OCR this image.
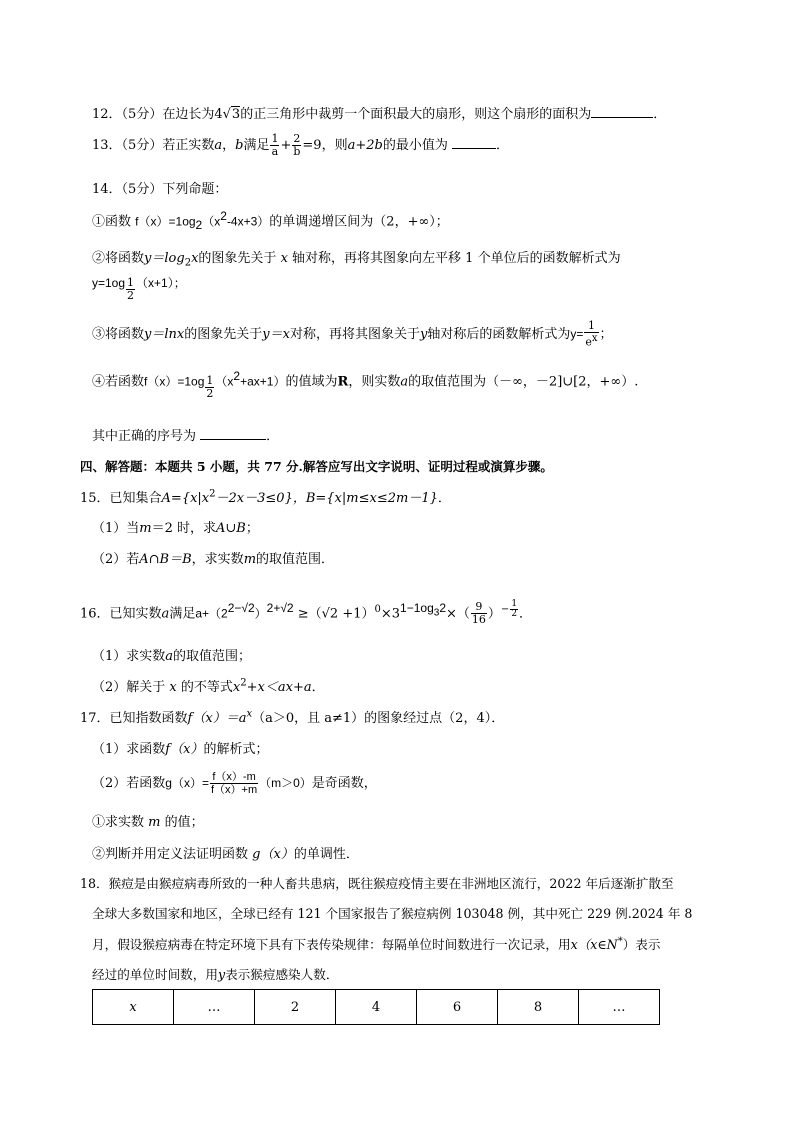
12．（5分）在边长为4√3的正三角形中裁剪一个面积最大的扇形，则这个扇形的面积为	．
13．（5分）若正实数a，b满足 $\frac{1}{a} + \frac{2}{b} =9$，则a+2b的最小值为	．
14．（5分）下列命题：
①函数 $f(x)=1og_2(x^2-4x+3)$的单调递增区间为（2，+∞）；
②将函数$y=\log_2x$的图象先关于 x 轴对称，再将其图象向左平移 1 个单位后的函数解析式为
$y=1og \frac{1}{2} (x+1)$；
③将函数y＝lnx的图象先关于y＝x对称，再将其图象关于y轴对称后的函数解析式为$y= \frac{1}{e^x}$ ；
④若函数$f(x)=1og \frac{1}{2} (x^2+ax+1)$的值域为R，则实数a的取值范围为（－∞，－2]∪[2，+∞）.
其中正确的序号为	．
四、解答题：本题共 5 小题，共 77 分.解答应写出文字说明、证明过程或演算步骤。
15．已知集合$A=\{x|x^2-2x-3\le 0\}$，B={x|m≤x≤2m－1}．
（1）当m＝2 时，求A∪B；
（2）若A∩B＝B，求实数m的取值范围．
16．已知实数a满足$a+(2^{2-√2})^{2+√2} \ge(√2 +1)^0\times 3^{1-1og_32}\times( \frac{9}{16} )^{- \frac{1}{2}}$ ．
（1）求实数a的取值范围；
（2）解关于 x 的不等式$x^2+x<ax+a$．
17．已知指数函数$f(x)=a^x(a>0$，且 a≠1）的图象经过点（2，4）．
（1）求函数f（x）的解析式；
（2）若函数$g(x)= \frac{f(x)-m}{f(x)+m} (m>0)$是奇函数，
①求实数 m 的值；
②判断并用定义法证明函数 g（x）的单调性．
18．猴痘是由猴痘病毒所致的一种人畜共患病，既往猴痘疫情主要在非洲地区流行，2022 年后逐渐扩散至
全球大多数国家和地区，全球已经有 121 个国家报告了猴痘病例 103048 例，其中死亡 229 例.2024 年 8
月，假设猴痘病毒在特定环境下具有下表传染规律：每隔单位时间数进行一次记录，用x（x∈N*）表示
经过的单位时间数，用y表示猴痘感染人数．
x	…	2	4	6	8	…
